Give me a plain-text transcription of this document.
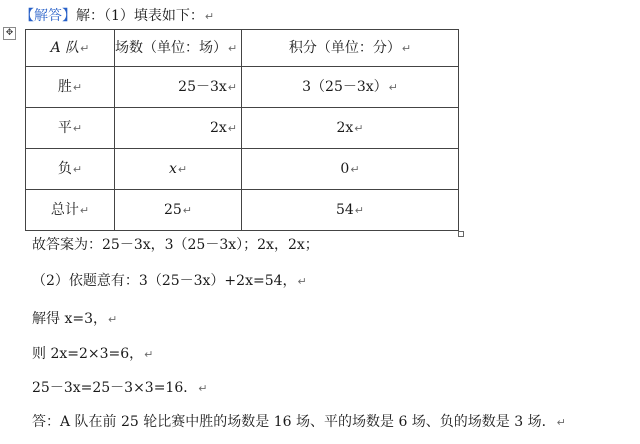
【解答】解：（1）填表如下：↵
✥
A 队↵	场数（单位：场）↵	积分（单位：分）↵
胜↵	25－3x↵	3（25－3x）↵
平↵	2x↵	2x↵
负↵	x↵	0↵
总计↵	25↵	54↵
故答案为：25－3x，3（25－3x）；2x，2x；
（2）依题意有：3（25－3x）+2x=54，↵
解得 x=3，↵
则 2x=2×3=6，↵
25－3x=25－3×3=16．↵
答：A 队在前 25 轮比赛中胜的场数是 16 场、平的场数是 6 场、负的场数是 3 场．↵
